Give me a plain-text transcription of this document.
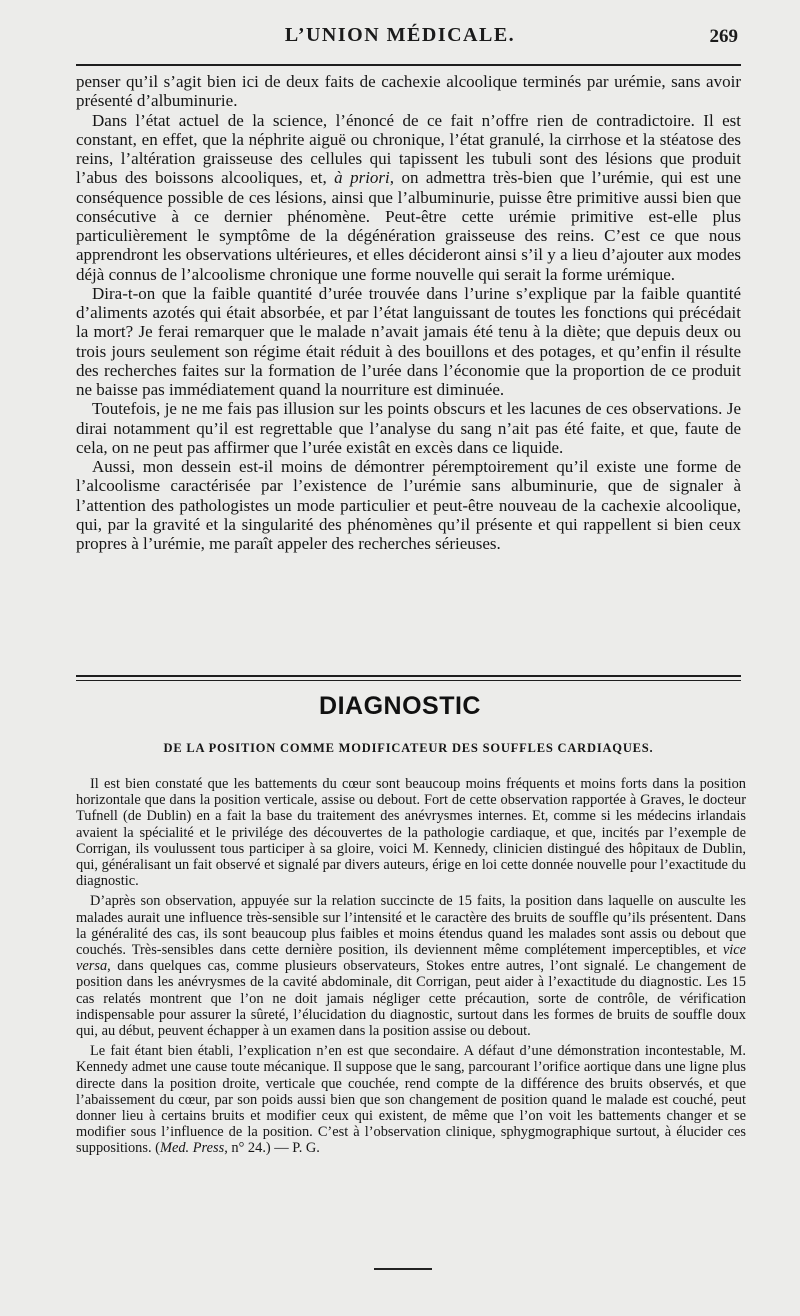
L’UNION MÉDICALE.	269

penser qu’il s’agit bien ici de deux faits de cachexie alcoolique terminés par urémie, sans avoir présenté d’albuminurie.

Dans l’état actuel de la science, l’énoncé de ce fait n’offre rien de contradictoire. Il est constant, en effet, que la néphrite aiguë ou chronique, l’état granulé, la cirrhose et la stéatose des reins, l’altération graisseuse des cellules qui tapissent les tubuli sont des lésions que produit l’abus des boissons alcooliques, et, à priori, on admettra très-bien que l’urémie, qui est une conséquence possible de ces lésions, ainsi que l’albuminurie, puisse être primitive aussi bien que consécutive à ce dernier phénomène. Peut-être cette urémie primitive est-elle plus particulièrement le symptôme de la dégénération graisseuse des reins. C’est ce que nous apprendront les observations ultérieures, et elles décideront ainsi s’il y a lieu d’ajouter aux modes déjà connus de l’alcoolisme chronique une forme nouvelle qui serait la forme urémique.

Dira-t-on que la faible quantité d’urée trouvée dans l’urine s’explique par la faible quantité d’aliments azotés qui était absorbée, et par l’état languissant de toutes les fonctions qui précédait la mort? Je ferai remarquer que le malade n’avait jamais été tenu à la diète; que depuis deux ou trois jours seulement son régime était réduit à des bouillons et des potages, et qu’enfin il résulte des recherches faites sur la formation de l’urée dans l’économie que la proportion de ce produit ne baisse pas immédiatement quand la nourriture est diminuée.

Toutefois, je ne me fais pas illusion sur les points obscurs et les lacunes de ces observations. Je dirai notamment qu’il est regrettable que l’analyse du sang n’ait pas été faite, et que, faute de cela, on ne peut pas affirmer que l’urée existât en excès dans ce liquide.

Aussi, mon dessein est-il moins de démontrer péremptoirement qu’il existe une forme de l’alcoolisme caractérisée par l’existence de l’urémie sans albuminurie, que de signaler à l’attention des pathologistes un mode particulier et peut-être nouveau de la cachexie alcoolique, qui, par la gravité et la singularité des phénomènes qu’il présente et qui rappellent si bien ceux propres à l’urémie, me paraît appeler des recherches sérieuses.

DIAGNOSTIC
DE LA POSITION COMME MODIFICATEUR DES SOUFFLES CARDIAQUES.

Il est bien constaté que les battements du cœur sont beaucoup moins fréquents et moins forts dans la position horizontale que dans la position verticale, assise ou debout. Fort de cette observation rapportée à Graves, le docteur Tufnell (de Dublin) en a fait la base du traitement des anévrysmes internes. Et, comme si les médecins irlandais avaient la spécialité et le privilége des découvertes de la pathologie cardiaque, et que, incités par l’exemple de Corrigan, ils voulussent tous participer à sa gloire, voici M. Kennedy, clinicien distingué des hôpitaux de Dublin, qui, généralisant un fait observé et signalé par divers auteurs, érige en loi cette donnée nouvelle pour l’exactitude du diagnostic.

D’après son observation, appuyée sur la relation succincte de 15 faits, la position dans laquelle on ausculte les malades aurait une influence très-sensible sur l’intensité et le caractère des bruits de souffle qu’ils présentent. Dans la généralité des cas, ils sont beaucoup plus faibles et moins étendus quand les malades sont assis ou debout que couchés. Très-sensibles dans cette dernière position, ils deviennent même complétement imperceptibles, et vice versa, dans quelques cas, comme plusieurs observateurs, Stokes entre autres, l’ont signalé. Le changement de position dans les anévrysmes de la cavité abdominale, dit Corrigan, peut aider à l’exactitude du diagnostic. Les 15 cas relatés montrent que l’on ne doit jamais négliger cette précaution, sorte de contrôle, de vérification indispensable pour assurer la sûreté, l’élucidation du diagnostic, surtout dans les formes de bruits de souffle doux qui, au début, peuvent échapper à un examen dans la position assise ou debout.

Le fait étant bien établi, l’explication n’en est que secondaire. A défaut d’une démonstration incontestable, M. Kennedy admet une cause toute mécanique. Il suppose que le sang, parcourant l’orifice aortique dans une ligne plus directe dans la position droite, verticale que couchée, rend compte de la différence des bruits observés, et que l’abaissement du cœur, par son poids aussi bien que son changement de position quand le malade est couché, peut donner lieu à certains bruits et modifier ceux qui existent, de même que l’on voit les battements changer et se modifier sous l’influence de la position. C’est à l’observation clinique, sphygmographique surtout, à élucider ces suppositions. (Med. Press, n° 24.) — P. G.
